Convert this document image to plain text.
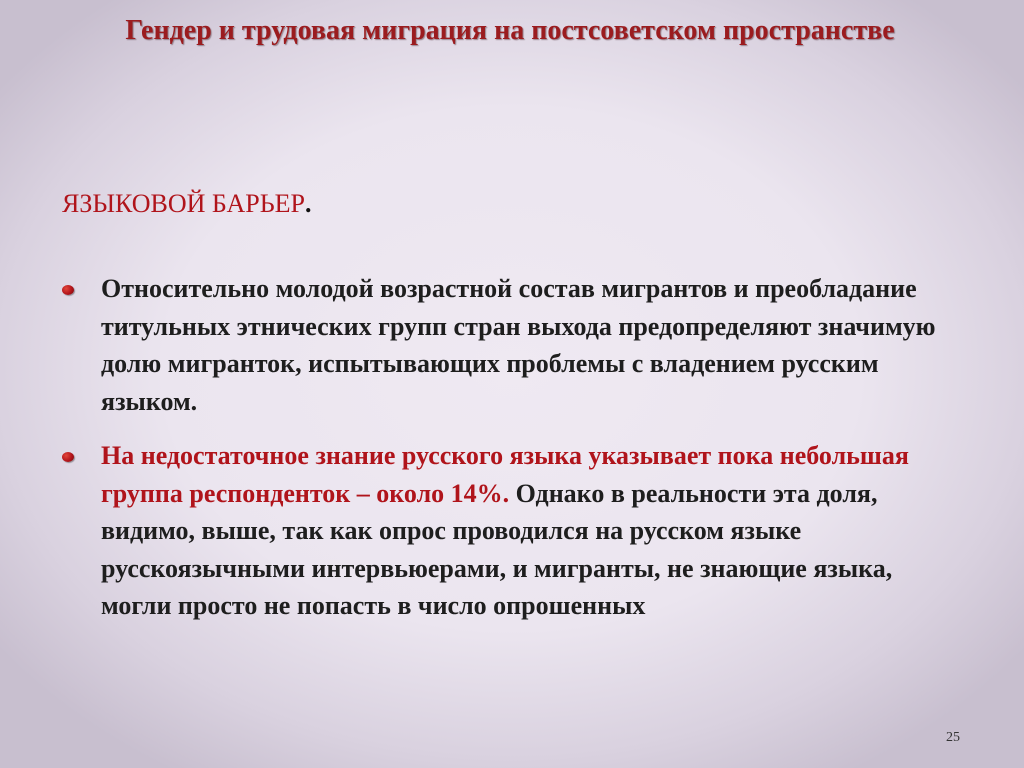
Гендер и трудовая миграция на постсоветском пространстве
ЯЗЫКОВОЙ БАРЬЕР.
Относительно молодой возрастной состав мигрантов и преобладание титульных этнических групп стран выхода предопределяют значимую долю мигранток, испытывающих проблемы с владением русским языком.
На недостаточное знание русского языка указывает пока небольшая группа респонденток – около 14%. Однако в реальности эта доля, видимо, выше, так как опрос проводился на русском языке русскоязычными интервьюерами, и мигранты, не знающие языка, могли просто не попасть в число опрошенных
25
